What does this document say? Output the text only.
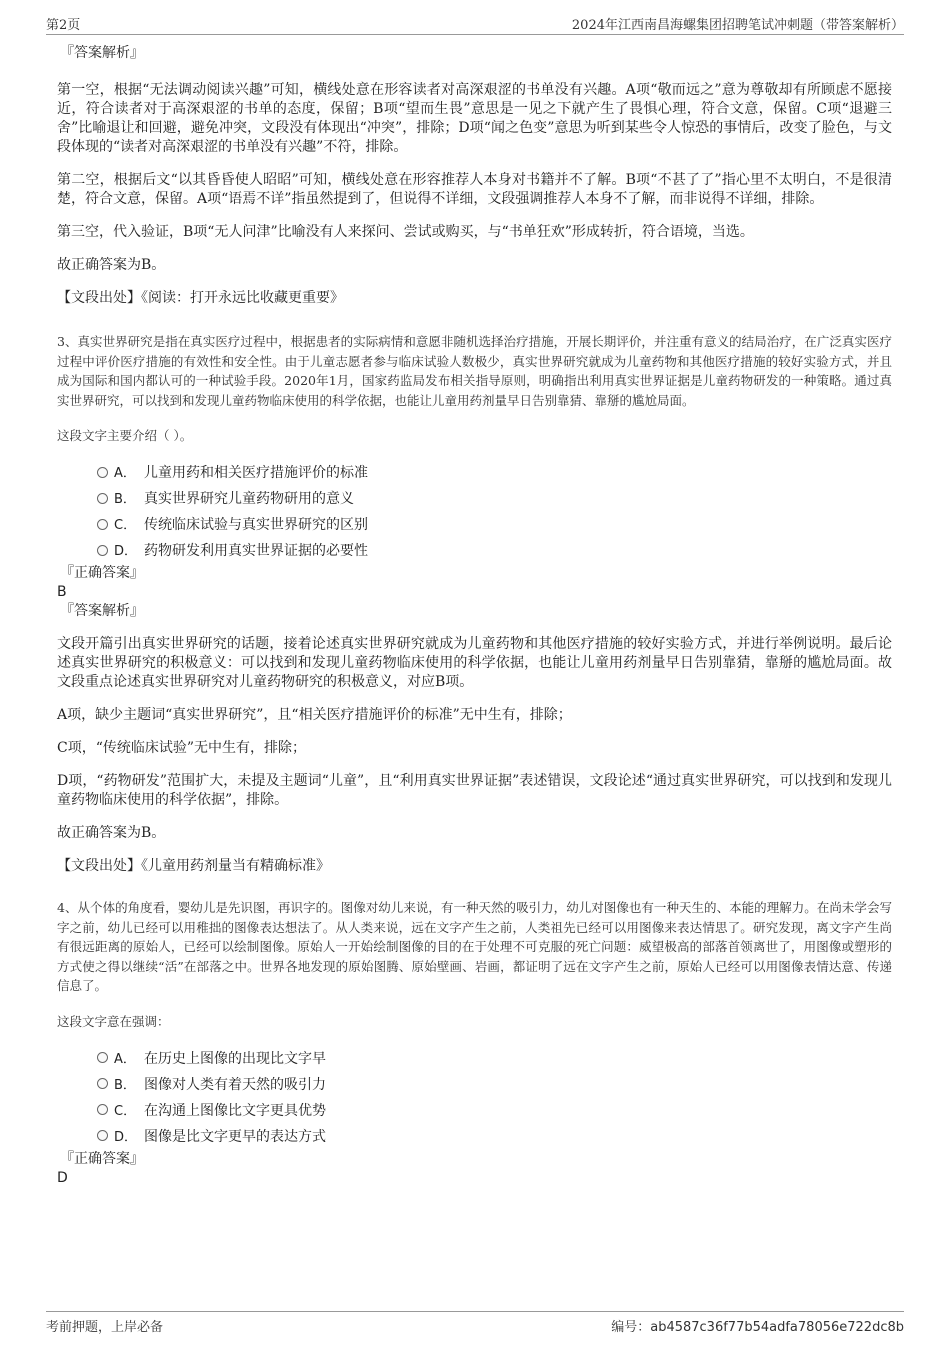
第2页	2024年江西南昌海螺集团招聘笔试冲刺题（带答案解析）

『答案解析』

第一空，根据“无法调动阅读兴趣”可知，横线处意在形容读者对高深艰涩的书单没有兴趣。A项“敬而远之”意为尊敬却有所顾虑不愿接近，符合读者对于高深艰涩的书单的态度，保留；B项“望而生畏”意思是一见之下就产生了畏惧心理，符合文意，保留。C项“退避三舍”比喻退让和回避，避免冲突，文段没有体现出“冲突”，排除；D项“闻之色变”意思为听到某些令人惊恐的事情后，改变了脸色，与文段体现的“读者对高深艰涩的书单没有兴趣”不符，排除。

第二空，根据后文“以其昏昏使人昭昭”可知，横线处意在形容推荐人本身对书籍并不了解。B项“不甚了了”指心里不太明白，不是很清楚，符合文意，保留。A项“语焉不详”指虽然提到了，但说得不详细，文段强调推荐人本身不了解，而非说得不详细，排除。

第三空，代入验证，B项“无人问津”比喻没有人来探问、尝试或购买，与“书单狂欢”形成转折，符合语境，当选。

故正确答案为B。

【文段出处】《阅读：打开永远比收藏更重要》

3、真实世界研究是指在真实医疗过程中，根据患者的实际病情和意愿非随机选择治疗措施，开展长期评价，并注重有意义的结局治疗，在广泛真实医疗过程中评价医疗措施的有效性和安全性。由于儿童志愿者参与临床试验人数极少，真实世界研究就成为儿童药物和其他医疗措施的较好实验方式，并且成为国际和国内都认可的一种试验手段。2020年1月，国家药监局发布相关指导原则，明确指出利用真实世界证据是儿童药物研发的一种策略。通过真实世界研究，可以找到和发现儿童药物临床使用的科学依据，也能让儿童用药剂量早日告别靠猜、靠掰的尴尬局面。

这段文字主要介绍（ ）。

A． 儿童用药和相关医疗措施评价的标准
B． 真实世界研究儿童药物研用的意义
C． 传统临床试验与真实世界研究的区别
D． 药物研发利用真实世界证据的必要性

『正确答案』

B

『答案解析』

文段开篇引出真实世界研究的话题，接着论述真实世界研究就成为儿童药物和其他医疗措施的较好实验方式，并进行举例说明。最后论述真实世界研究的积极意义：可以找到和发现儿童药物临床使用的科学依据，也能让儿童用药剂量早日告别靠猜，靠掰的尴尬局面。故文段重点论述真实世界研究对儿童药物研究的积极意义，对应B项。

A项，缺少主题词“真实世界研究”，且“相关医疗措施评价的标准”无中生有，排除；

C项，“传统临床试验”无中生有，排除；

D项，“药物研发”范围扩大，未提及主题词“儿童”，且“利用真实世界证据”表述错误，文段论述“通过真实世界研究，可以找到和发现儿童药物临床使用的科学依据”，排除。

故正确答案为B。

【文段出处】《儿童用药剂量当有精确标准》

4、从个体的角度看，婴幼儿是先识图，再识字的。图像对幼儿来说，有一种天然的吸引力，幼儿对图像也有一种天生的、本能的理解力。在尚未学会写字之前，幼儿已经可以用稚拙的图像表达想法了。从人类来说，远在文字产生之前，人类祖先已经可以用图像来表达情思了。研究发现，离文字产生尚有很远距离的原始人，已经可以绘制图像。原始人一开始绘制图像的目的在于处理不可克服的死亡问题：威望极高的部落首领离世了，用图像或塑形的方式使之得以继续“活”在部落之中。世界各地发现的原始图腾、原始壁画、岩画，都证明了远在文字产生之前，原始人已经可以用图像表情达意、传递信息了。

这段文字意在强调：

A． 在历史上图像的出现比文字早
B． 图像对人类有着天然的吸引力
C． 在沟通上图像比文字更具优势
D． 图像是比文字更早的表达方式

『正确答案』

D

考前押题，上岸必备	编号：ab4587c36f77b54adfa78056e722dc8b
